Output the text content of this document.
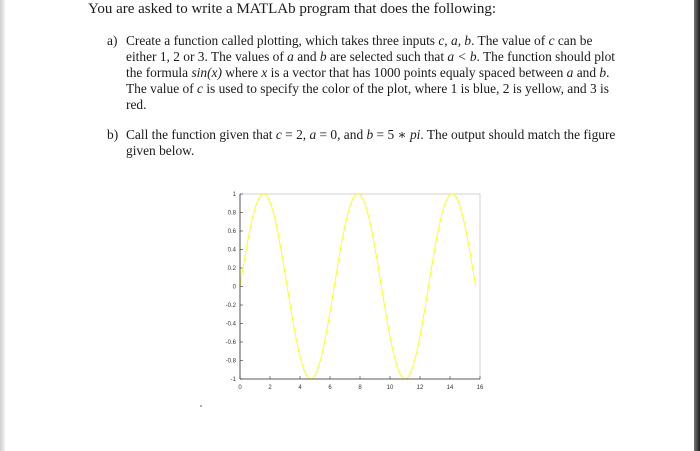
You are asked to write a MATLAb program that does the following:
a) Create a function called plotting, which takes three inputs c, a, b. The value of c can be either 1, 2 or 3. The values of a and b are selected such that a < b. The function should plot the formula sin(x) where x is a vector that has 1000 points equaly spaced between a and b. The value of c is used to specify the color of the plot, where 1 is blue, 2 is yellow, and 3 is red.
b) Call the function given that c = 2, a = 0, and b = 5 ∗ pi. The output should match the figure given below.
-1
-0.8
-0.6
-0.4
-0.2
0
0.2
0.4
0.6
0.8
1
0	2	4	6	8	10	12	14	16
